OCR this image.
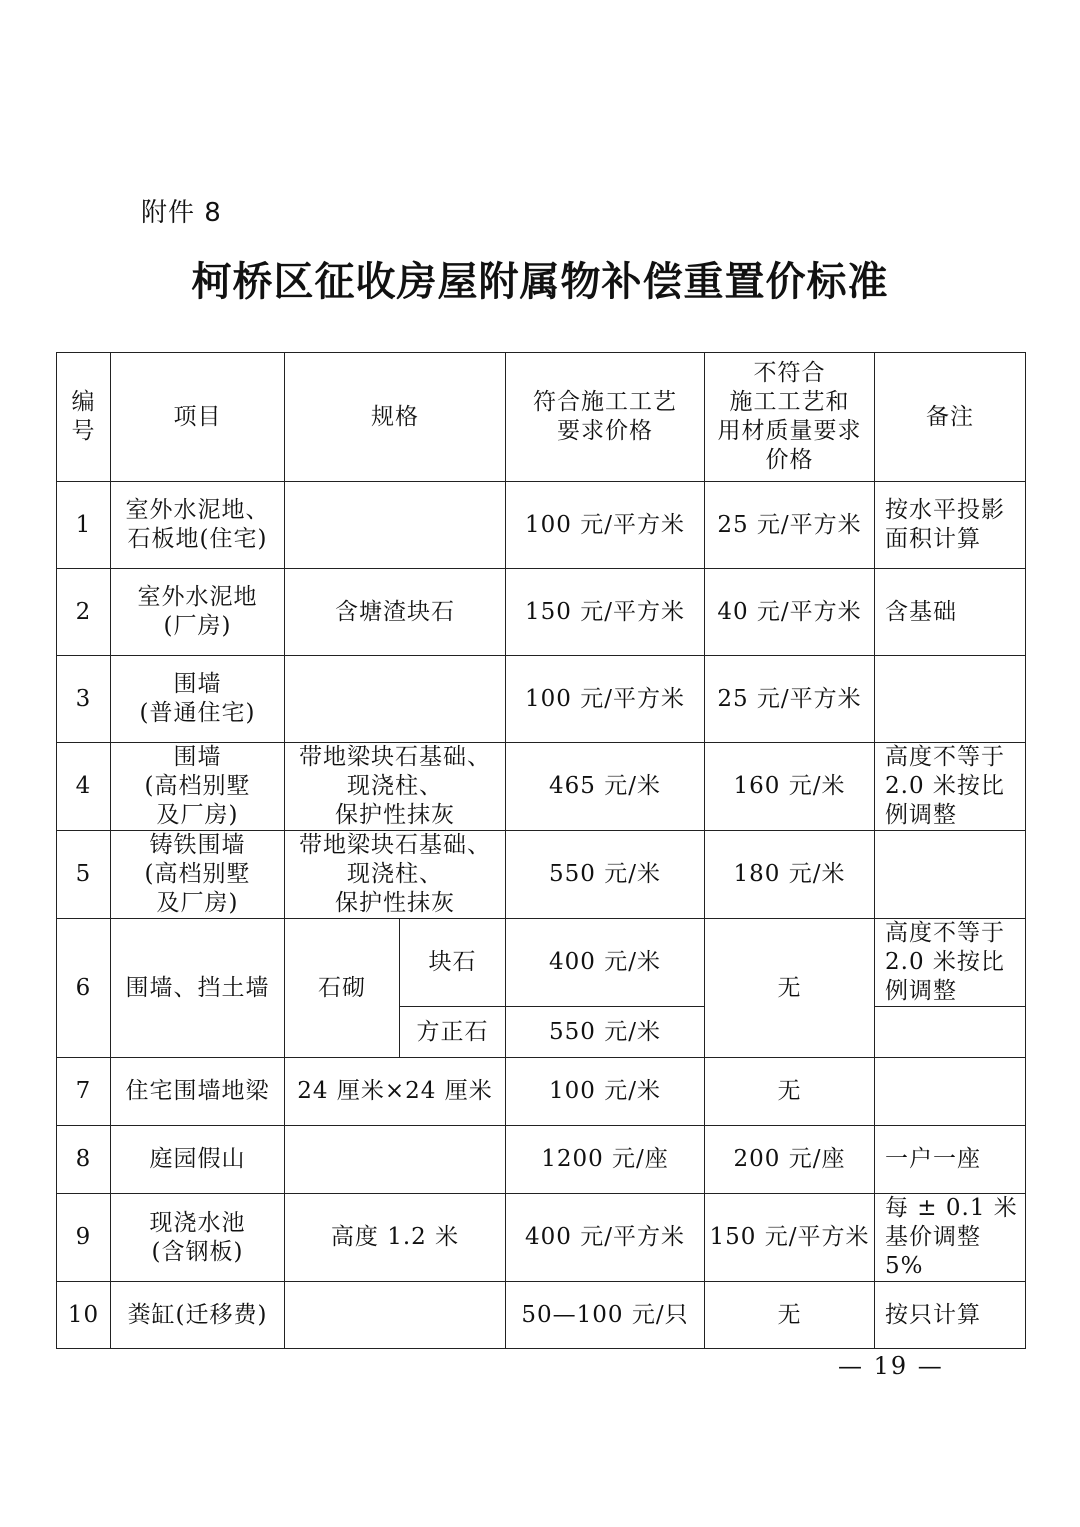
附件 8
柯桥区征收房屋附属物补偿重置价标准
编号	项目	规格		符合施工工艺
要求价格	不符合
施工工艺和
用材质量要求
价格	备注
1	室外水泥地、
石板地(住宅)			100 元/平方米	25 元/平方米	按水平投影
面积计算
2	室外水泥地
(厂房)	含塘渣块石		150 元/平方米	40 元/平方米	含基础
3	围墙
(普通住宅)			100 元/平方米	25 元/平方米	
4	围墙
(高档别墅
及厂房)	带地梁块石基础、
现浇柱、
保护性抹灰		465 元/米	160 元/米	高度不等于
2.0 米按比
例调整
5	铸铁围墙
(高档别墅
及厂房)	带地梁块石基础、
现浇柱、
保护性抹灰		550 元/米	180 元/米	
6	围墙、挡土墙	石砌	块石	400 元/米	无	高度不等于
2.0 米按比
例调整
			方正石	550 元/米		
7	住宅围墙地梁	24 厘米×24 厘米		100 元/米	无	
8	庭园假山			1200 元/座	200 元/座	一户一座
9	现浇水池
(含钢板)	高度 1.2 米		400 元/平方米	150 元/平方米	每 ± 0.1 米
基价调整 5%
10	粪缸(迁移费)			50—100 元/只	无	按只计算
— 19 —
